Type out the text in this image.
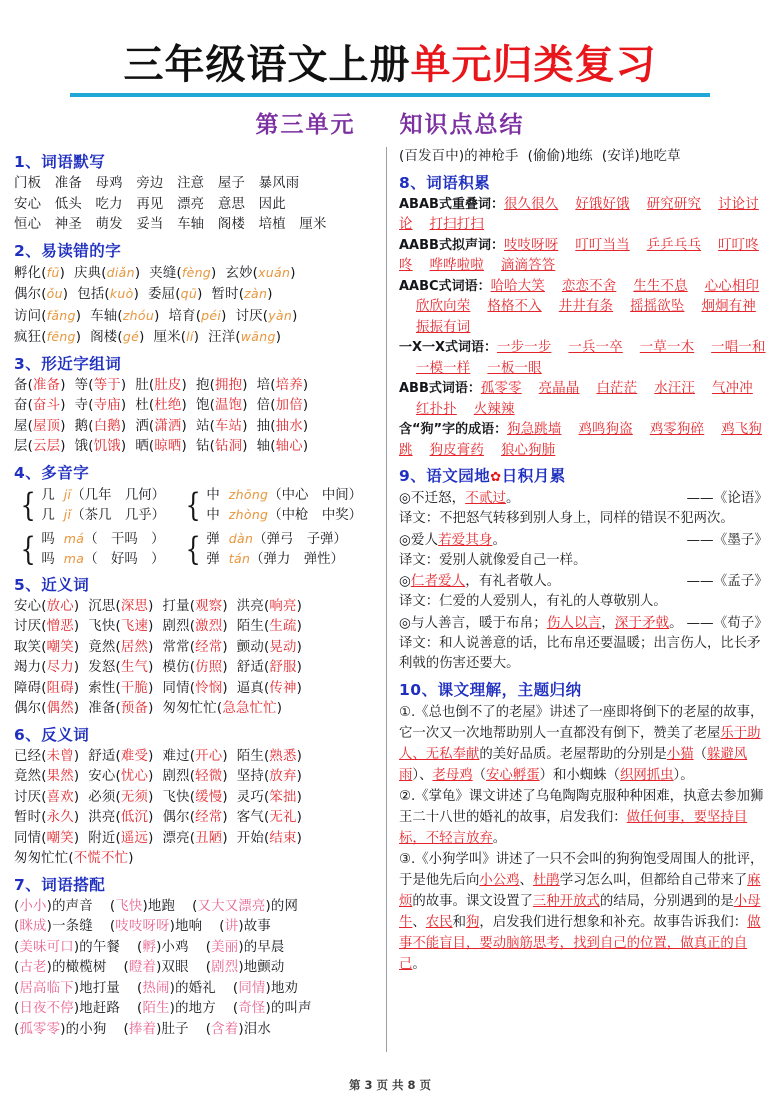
三年级语文上册单元归类复习
第三单元 知识点总结
1、词语默写
门板　准备　母鸡　旁边　注意　屋子　暴风雨
安心　低头　吃力　再见　漂亮　意思　因此
恒心　神圣　萌发　妥当　车轴　阁楼　培植　厘米
2、易读错的字
孵化(fū) 庆典(diǎn) 夹缝(fèng) 玄妙(xuán)
偶尔(ǒu) 包括(kuò) 委屈(qū) 暂时(zàn)
访问(fǎng) 车轴(zhóu) 培育(péi) 讨厌(yàn)
疯狂(fēng) 阁楼(gé) 厘米(lí) 汪洋(wāng)
3、形近字组词
备(准备) 等(等于) 肚(肚皮) 抱(拥抱) 培(培养)
奋(奋斗) 寺(寺庙) 杜(杜绝) 饱(温饱) 倍(加倍)
屋(屋顶) 鹅(白鹅) 洒(潇洒) 站(车站) 抽(抽水)
层(云层) 饿(饥饿) 晒(晾晒) 钻(钻洞) 轴(轴心)
4、多音字
{ 几 jī（几年　几何）
几 jǐ（茶几　几乎）
{ 吗 má（　干吗　）
吗 ma（　好吗　）
{ 中 zhōng（中心　中间）
中 zhòng（中枪　中奖）
{ 弹 dàn（弹弓　子弹）
弹 tán（弹力　弹性）
5、近义词
安心(放心) 沉思(深思) 打量(观察) 洪亮(响亮)
讨厌(憎恶) 飞快(飞速) 剧烈(激烈) 陌生(生疏)
取笑(嘲笑) 竟然(居然) 常常(经常) 颤动(晃动)
竭力(尽力) 发怒(生气) 模仿(仿照) 舒适(舒服)
障碍(阻碍) 索性(干脆) 同情(怜悯) 逼真(传神)
偶尔(偶然) 准备(预备) 匆匆忙忙(急急忙忙)
6、反义词
已经(未曾) 舒适(难受) 难过(开心) 陌生(熟悉)
竟然(果然) 安心(忧心) 剧烈(轻微) 坚持(放弃)
讨厌(喜欢) 必须(无须) 飞快(缓慢) 灵巧(笨拙)
暂时(永久) 洪亮(低沉) 偶尔(经常) 客气(无礼)
同情(嘲笑) 附近(遥远) 漂亮(丑陋) 开始(结束)
匆匆忙忙(不慌不忙)
7、词语搭配
(小小)的声音 (飞快)地跑 (又大又漂亮)的网
(眯成)一条缝 (吱吱呀呀)地响 (讲)故事
(美味可口)的午餐 (孵)小鸡 (美丽)的早晨
(古老)的橄榄树 (瞪着)双眼 (剧烈)地颤动
(居高临下)地打量 (热闹)的婚礼 (同情)地劝
(日夜不停)地赶路 (陌生)的地方 (奇怪)的叫声
(孤零零)的小狗 (捧着)肚子 (含着)泪水
(百发百中)的神枪手 (偷偷)地练 (安详)地吃草
8、词语积累
ABAB式重叠词：很久很久 好饿好饿 研究研究 讨论讨论 打扫打扫
AABB式拟声词：吱吱呀呀 叮叮当当 乒乒乓乓 叮叮咚咚 哗哗啦啦 滴滴答答
AABC式词语：哈哈大笑 恋恋不舍 生生不息 心心相印欣欣向荣 格格不入 井井有条 摇摇欲坠 炯炯有神振振有词
一X一X式词语：一步一步 一兵一卒 一草一木 一唱一和一模一样 一板一眼
ABB式词语：孤零零 亮晶晶 白茫茫 水汪汪 气冲冲红扑扑 火辣辣
含“狗”字的成语：狗急跳墙 鸡鸣狗盗 鸡零狗碎 鸡飞狗跳 狗皮膏药 狼心狗肺
9、语文园地✿日积月累
◎不迁怒，不贰过。	——《论语》
译文：不把怒气转移到别人身上，同样的错误不犯两次。
◎爱人若爱其身。	——《墨子》
译文：爱别人就像爱自己一样。
◎仁者爱人，有礼者敬人。	——《孟子》
译文：仁爱的人爱别人，有礼的人尊敬别人。
◎与人善言，暖于布帛；伤人以言，深于矛戟。 ——《荀子》
译文：和人说善意的话，比布帛还要温暖；出言伤人，比长矛利戟的伤害还要大。
10、课文理解，主题归纳
①.《总也倒不了的老屋》讲述了一座即将倒下的老屋的故事，它一次又一次地帮助别人一直都没有倒下，赞美了老屋乐于助人、无私奉献的美好品质。老屋帮助的分别是小猫（躲避风雨）、老母鸡（安心孵蛋）和小蜘蛛（织网抓虫）。
②.《掌龟》课文讲述了乌龟陶陶克服种种困难，执意去参加狮王二十八世的婚礼的故事，启发我们：做任何事，要坚持目标，不轻言放弃。
③.《小狗学叫》讲述了一只不会叫的狗狗饱受周围人的批评，于是他先后向小公鸡、杜鹃学习怎么叫，但都给自己带来了麻烦的故事。课文设置了三种开放式的结局，分别遇到的是小母牛、农民和狗，启发我们进行想象和补充。故事告诉我们：做事不能盲目，要动脑筋思考，找到自己的位置，做真正的自己。
第 3 页 共 8 页
